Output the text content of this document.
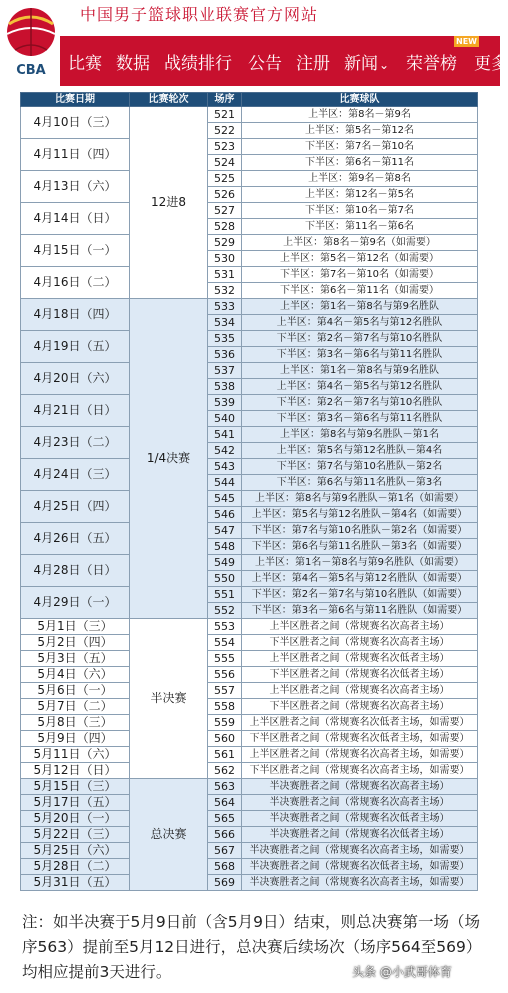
CBA
中国男子篮球职业联赛官方网站
比赛 数据 战绩排行 公告 注册 新闻⌄ 荣誉榜 更多
NEW
比赛日期	比赛轮次	场序	比赛球队
4月10日（三）	12进8	521	上半区：第8名－第9名
		522	上半区：第5名－第12名
4月11日（四）		523	下半区：第7名－第10名
		524	下半区：第6名－第11名
4月13日（六）		525	上半区：第9名－第8名
		526	上半区：第12名－第5名
4月14日（日）		527	下半区：第10名－第7名
		528	下半区：第11名－第6名
4月15日（一）		529	上半区：第8名－第9名（如需要）
		530	上半区：第5名－第12名（如需要）
4月16日（二）		531	下半区：第7名－第10名（如需要）
		532	下半区：第6名－第11名（如需要）
4月18日（四）	1/4决赛	533	上半区：第1名－第8名与第9名胜队
		534	上半区：第4名－第5名与第12名胜队
4月19日（五）		535	下半区：第2名－第7名与第10名胜队
		536	下半区：第3名－第6名与第11名胜队
4月20日（六）		537	上半区：第1名－第8名与第9名胜队
		538	上半区：第4名－第5名与第12名胜队
4月21日（日）		539	下半区：第2名－第7名与第10名胜队
		540	下半区：第3名－第6名与第11名胜队
4月23日（二）		541	上半区：第8名与第9名胜队－第1名
		542	上半区：第5名与第12名胜队－第4名
4月24日（三）		543	下半区：第7名与第10名胜队－第2名
		544	下半区：第6名与第11名胜队－第3名
4月25日（四）		545	上半区：第8名与第9名胜队－第1名（如需要）
		546	上半区：第5名与第12名胜队－第4名（如需要）
4月26日（五）		547	下半区：第7名与第10名胜队－第2名（如需要）
		548	下半区：第6名与第11名胜队－第3名（如需要）
4月28日（日）		549	上半区：第1名－第8名与第9名胜队（如需要）
		550	上半区：第4名－第5名与第12名胜队（如需要）
4月29日（一）		551	下半区：第2名－第7名与第10名胜队（如需要）
		552	下半区：第3名－第6名与第11名胜队（如需要）
5月1日（三）	半决赛	553	上半区胜者之间（常规赛名次高者主场）
5月2日（四）		554	下半区胜者之间（常规赛名次高者主场）
5月3日（五）		555	上半区胜者之间（常规赛名次低者主场）
5月4日（六）		556	下半区胜者之间（常规赛名次低者主场）
5月6日（一）		557	上半区胜者之间（常规赛名次高者主场）
5月7日（二）		558	下半区胜者之间（常规赛名次高者主场）
5月8日（三）		559	上半区胜者之间（常规赛名次低者主场，如需要）
5月9日（四）		560	下半区胜者之间（常规赛名次低者主场，如需要）
5月11日（六）		561	上半区胜者之间（常规赛名次高者主场，如需要）
5月12日（日）		562	下半区胜者之间（常规赛名次高者主场，如需要）
5月15日（三）	总决赛	563	半决赛胜者之间（常规赛名次高者主场）
5月17日（五）		564	半决赛胜者之间（常规赛名次高者主场）
5月20日（一）		565	半决赛胜者之间（常规赛名次低者主场）
5月22日（三）		566	半决赛胜者之间（常规赛名次低者主场）
5月25日（六）		567	半决赛胜者之间（常规赛名次高者主场，如需要）
5月28日（二）		568	半决赛胜者之间（常规赛名次低者主场，如需要）
5月31日（五）		569	半决赛胜者之间（常规赛名次高者主场，如需要）
注：如半决赛于5月9日前（含5月9日）结束，则总决赛第一场（场序563）提前至5月12日进行，总决赛后续场次（场序564至569）均相应提前3天进行。	头条 @小武哥体育
